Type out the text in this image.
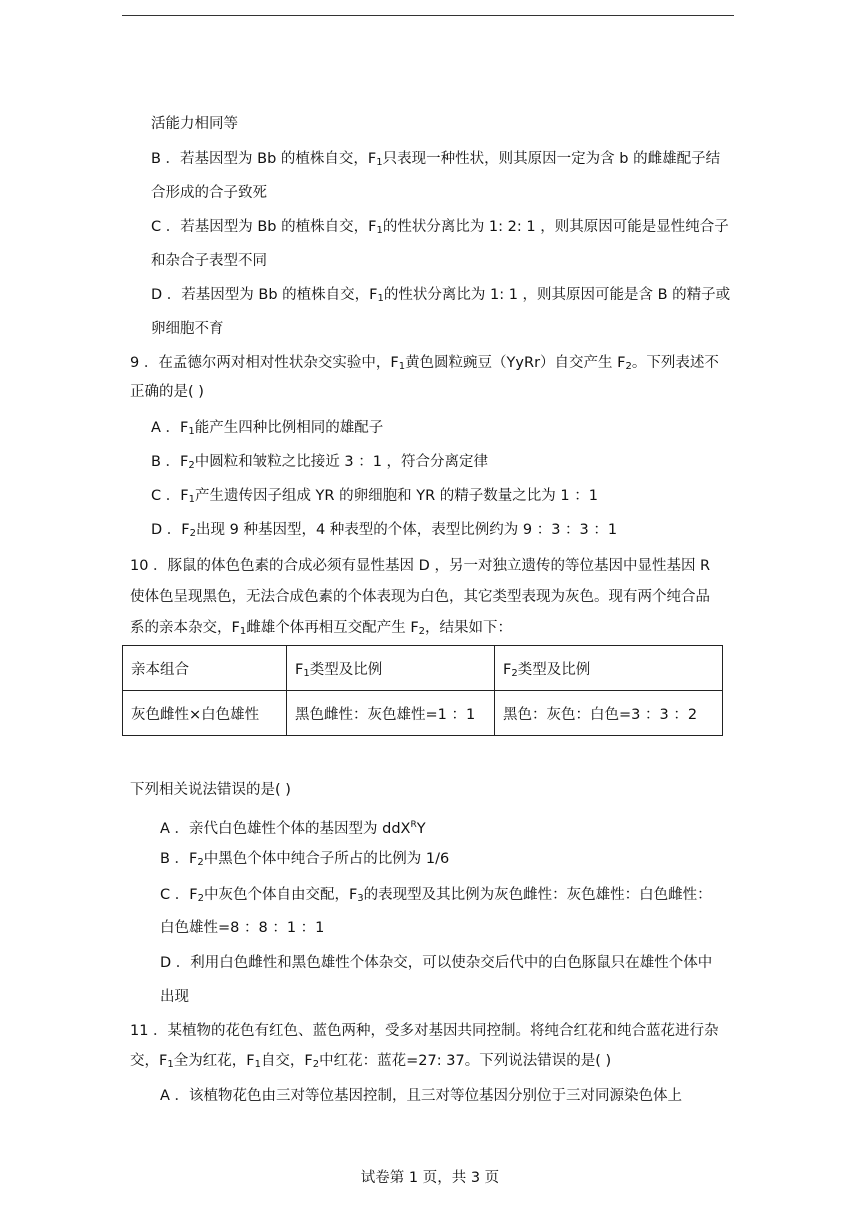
活能力相同等
B ．若基因型为 Bb 的植株自交，$F_1$只表现一种性状，则其原因一定为含 b 的雌雄配子结
合形成的合子致死
C ．若基因型为 Bb 的植株自交，$F_1$的性状分离比为 1: 2: 1 ，则其原因可能是显性纯合子
和杂合子表型不同
D ．若基因型为 Bb 的植株自交，$F_1$的性状分离比为 1: 1 ，则其原因可能是含 B 的精子或
卵细胞不育
9 ．在孟德尔两对相对性状杂交实验中，$F_1$黄色圆粒豌豆（YyRr）自交产生 $F_2$。下列表述不
正确的是( )
A ．$F_1$能产生四种比例相同的雄配子
B ．$F_2$中圆粒和皱粒之比接近 3 ：1 ，符合分离定律
C ．$F_1$产生遗传因子组成 YR 的卵细胞和 YR 的精子数量之比为 1 ：1
D ．$F_2$出现 9 种基因型，4 种表型的个体，表型比例约为 9 ：3 ：3 ：1
10 ．豚鼠的体色色素的合成必须有显性基因 D ，另一对独立遗传的等位基因中显性基因 R
使体色呈现黑色，无法合成色素的个体表现为白色，其它类型表现为灰色。现有两个纯合品
系的亲本杂交，$F_1$雌雄个体再相互交配产生 $F_2$，结果如下：
亲本组合	$F_1$类型及比例	$F_2$类型及比例
灰色雌性×白色雄性	黑色雌性：灰色雄性=1 ：1	黑色：灰色：白色=3 ：3 ：2
下列相关说法错误的是( )
A ．亲代白色雄性个体的基因型为 ddX$^R$Y
B ．$F_2$中黑色个体中纯合子所占的比例为 1/6
C ．$F_2$中灰色个体自由交配，$F_3$的表现型及其比例为灰色雌性：灰色雄性：白色雌性：
白色雄性=8 ：8 ：1 ：1
D ．利用白色雌性和黑色雄性个体杂交，可以使杂交后代中的白色豚鼠只在雄性个体中
出现
11 ．某植物的花色有红色、蓝色两种，受多对基因共同控制。将纯合红花和纯合蓝花进行杂
交，$F_1$全为红花，$F_1$自交，$F_2$中红花：蓝花=27: 37。下列说法错误的是( )
A ．该植物花色由三对等位基因控制，且三对等位基因分别位于三对同源染色体上
试卷第 1 页，共 3 页
